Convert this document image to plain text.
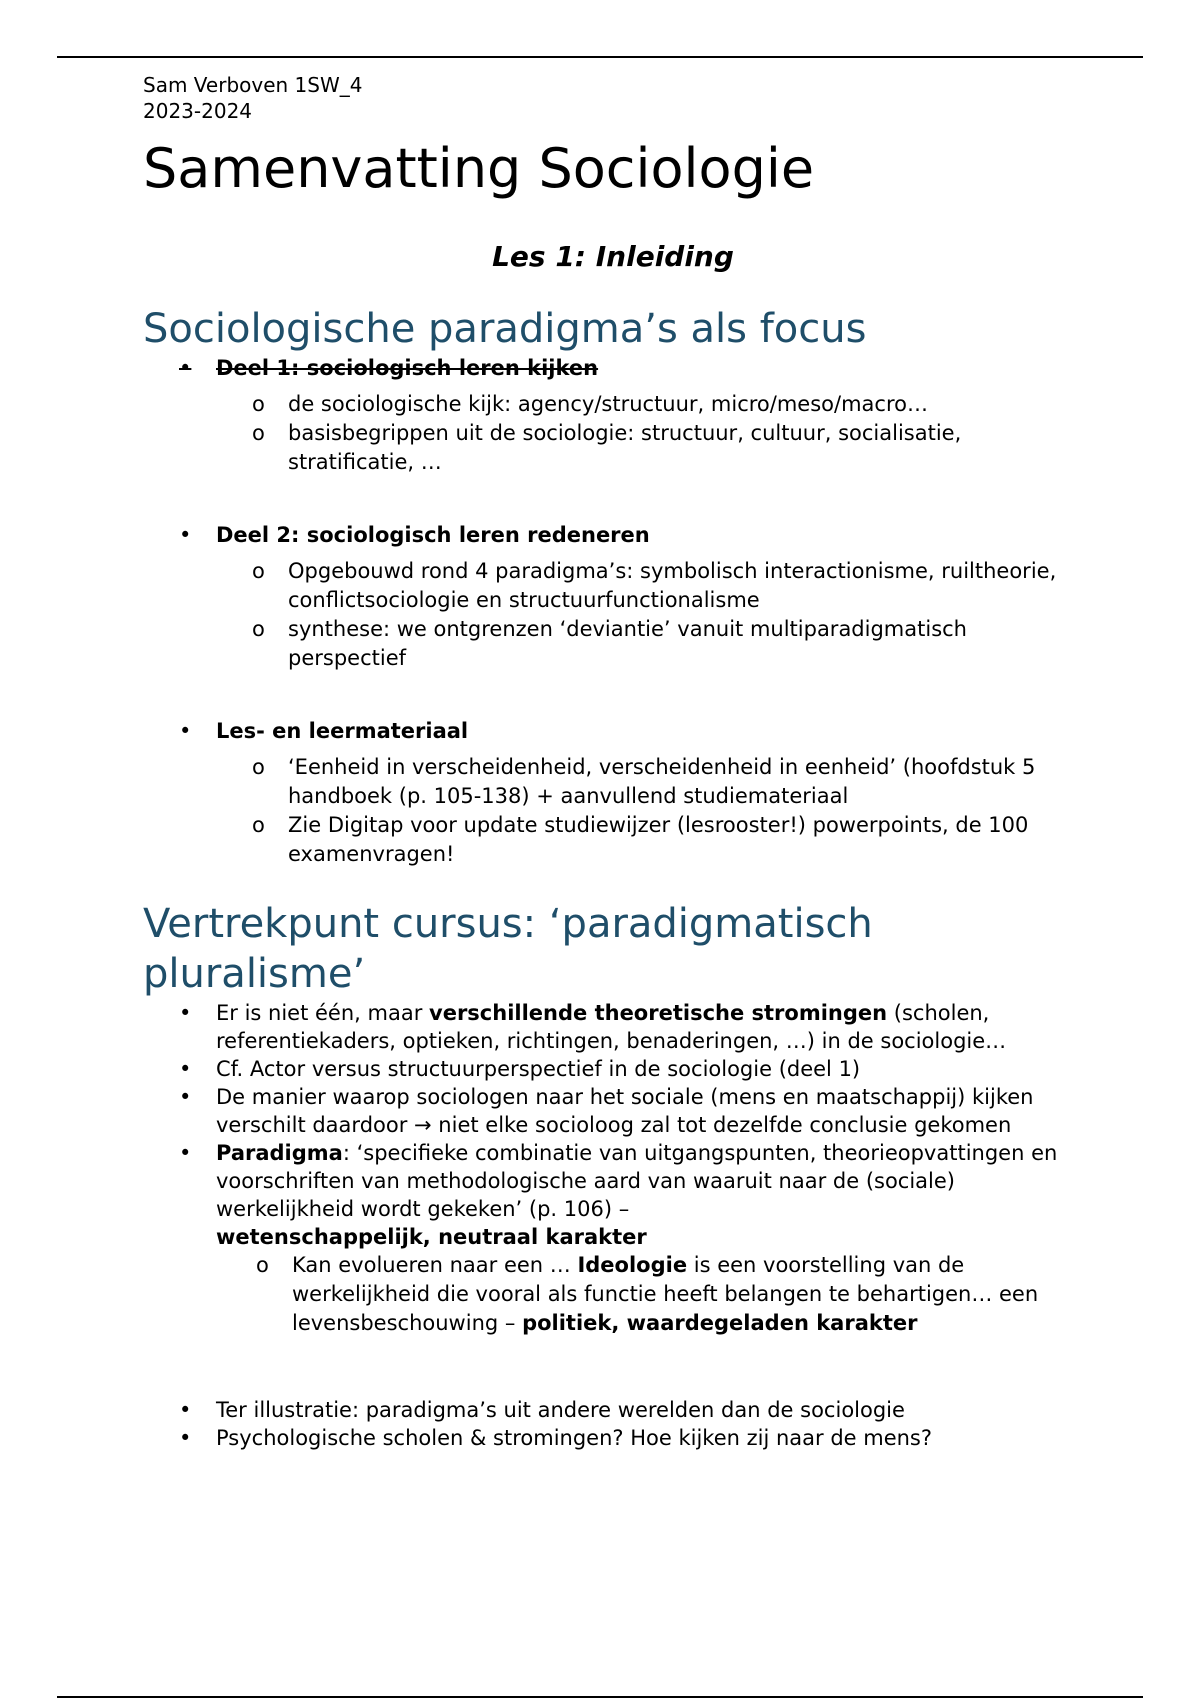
Sam Verboven 1SW_4

2023-2024

Samenvatting Sociologie

Les 1: Inleiding

Sociologische paradigma’s als focus
•	Deel 1: sociologisch leren kijken
o de sociologische kijk: agency/structuur, micro/meso/macro…
o basisbegrippen uit de sociologie: structuur, cultuur, socialisatie, stratificatie, …
•	Deel 2: sociologisch leren redeneren
o Opgebouwd rond 4 paradigma’s: symbolisch interactionisme, ruiltheorie, conflictsociologie en structuurfunctionalisme
o synthese: we ontgrenzen ‘deviantie’ vanuit multiparadigmatisch perspectief
•	Les- en leermateriaal
o ‘Eenheid in verscheidenheid, verscheidenheid in eenheid’ (hoofdstuk 5 handboek (p. 105-138) + aanvullend studiemateriaal
o Zie Digitap voor update studiewijzer (lesrooster!) powerpoints, de 100 examenvragen!
Vertrekpunt cursus: ‘paradigmatisch pluralisme’
•	Er is niet één, maar verschillende theoretische stromingen (scholen, referentiekaders, optieken, richtingen, benaderingen, …) in de sociologie…
•	Cf. Actor versus structuurperspectief in de sociologie (deel 1)
•	De manier waarop sociologen naar het sociale (mens en maatschappij) kijken verschilt daardoor → niet elke socioloog zal tot dezelfde conclusie gekomen
•	Paradigma: ‘specifieke combinatie van uitgangspunten, theorieopvattingen en voorschriften van methodologische aard van waaruit naar de (sociale) werkelijkheid wordt gekeken’ (p. 106) –
wetenschappelijk, neutraal karakter
o Kan evolueren naar een … Ideologie is een voorstelling van de werkelijkheid die vooral als functie heeft belangen te behartigen… een levensbeschouwing – politiek, waardegeladen karakter
•	Ter illustratie: paradigma’s uit andere werelden dan de sociologie
•	Psychologische scholen & stromingen? Hoe kijken zij naar de mens?
